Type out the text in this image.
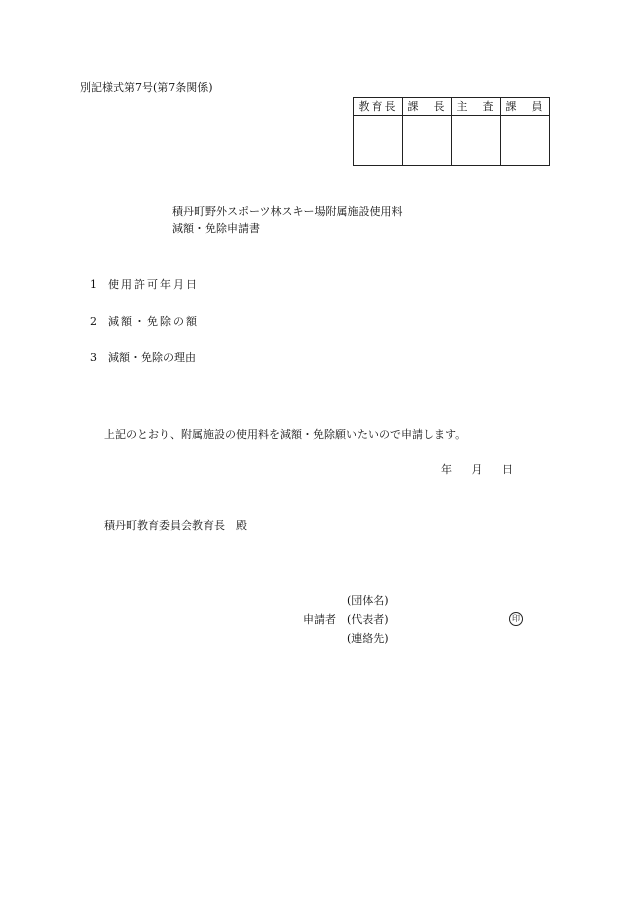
別記様式第7号(第7条関係)
教育長	課　長	主　査	課　員

積丹町野外スポーツ林スキー場附属施設使用料
減額・免除申請書
1 使用許可年月日
2 減額・免除の額
3 減額・免除の理由
上記のとおり、附属施設の使用料を減額・免除願いたいので申請します。
年 月 日
積丹町教育委員会教育長　殿
(団体名)
申請者 (代表者)
(連絡先)
印
